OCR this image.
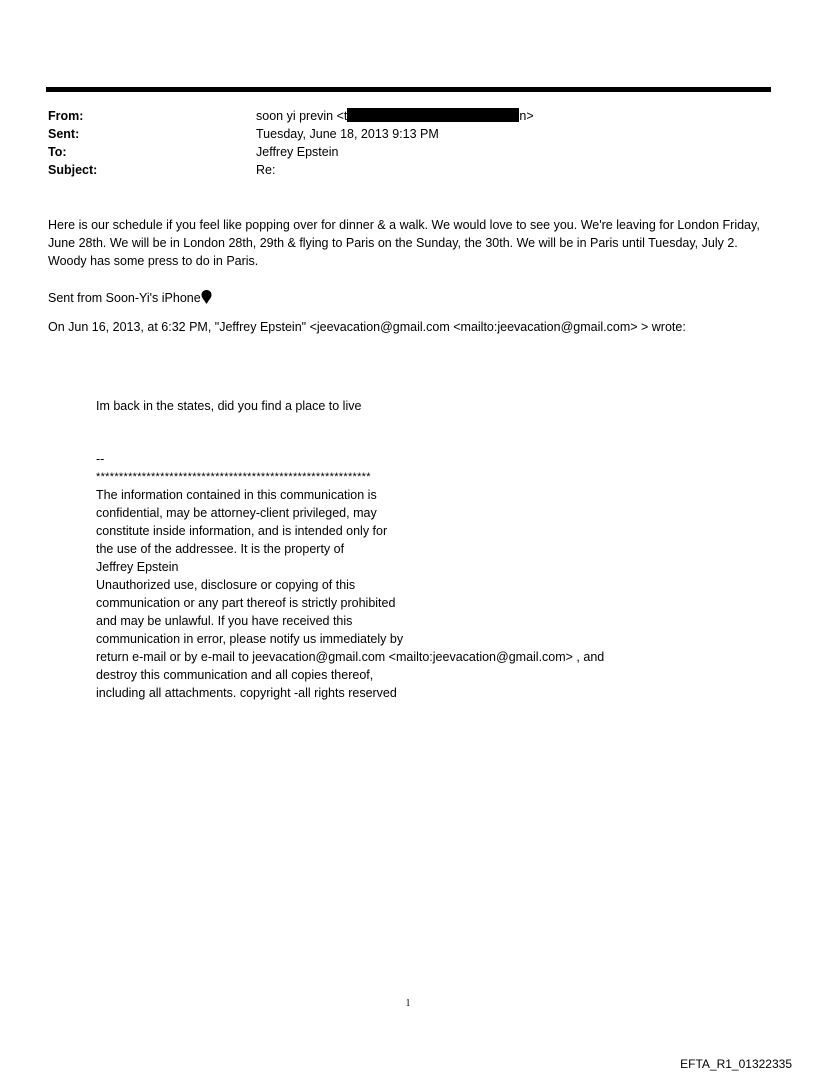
From:	soon yi previn <t	n>
Sent:	Tuesday, June 18, 2013 9:13 PM
To:	Jeffrey Epstein
Subject:	Re:

Here is our schedule if you feel like popping over for dinner & a walk. We would love to see you. We're leaving for London Friday, June 28th. We will be in London 28th, 29th & flying to Paris on the Sunday, the 30th. We will be in Paris until Tuesday, July 2. Woody has some press to do in Paris.

Sent from Soon-Yi's iPhone
On Jun 16, 2013, at 6:32 PM, "Jeffrey Epstein" <jeevacation@gmail.com <mailto:jeevacation@gmail.com> > wrote:
Im back in the states, did you find a place to live
--
************************************************************
The information contained in this communication is
confidential, may be attorney-client privileged, may
constitute inside information, and is intended only for
the use of the addressee. It is the property of
Jeffrey Epstein
Unauthorized use, disclosure or copying of this
communication or any part thereof is strictly prohibited
and may be unlawful. If you have received this
communication in error, please notify us immediately by
return e-mail or by e-mail to jeevacation@gmail.com <mailto:jeevacation@gmail.com> , and
destroy this communication and all copies thereof,
including all attachments. copyright -all rights reserved
1
EFTA_R1_01322335
